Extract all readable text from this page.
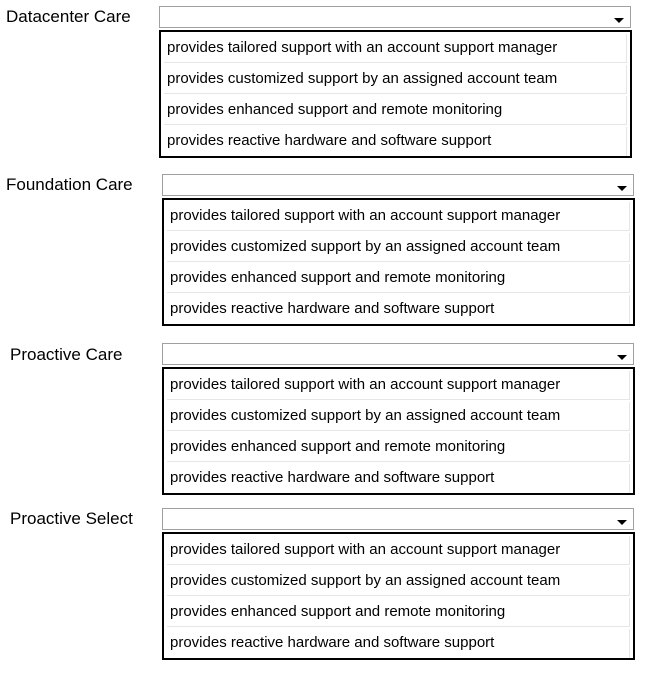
Datacenter Care
provides tailored support with an account support manager
provides customized support by an assigned account team
provides enhanced support and remote monitoring
provides reactive hardware and software support
Foundation Care
provides tailored support with an account support manager
provides customized support by an assigned account team
provides enhanced support and remote monitoring
provides reactive hardware and software support
Proactive Care
provides tailored support with an account support manager
provides customized support by an assigned account team
provides enhanced support and remote monitoring
provides reactive hardware and software support
Proactive Select
provides tailored support with an account support manager
provides customized support by an assigned account team
provides enhanced support and remote monitoring
provides reactive hardware and software support
